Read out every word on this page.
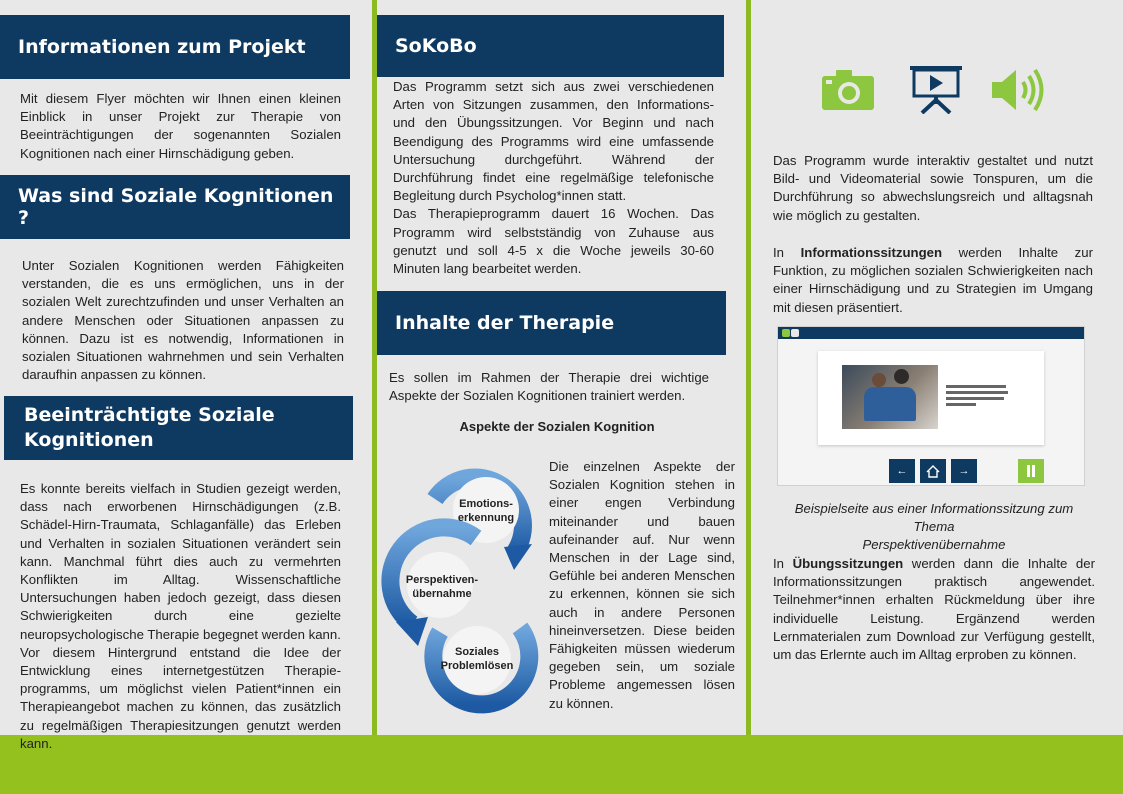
Informationen zum Projekt
Mit diesem Flyer möchten wir Ihnen einen kleinen Einblick in unser Projekt zur Therapie von Beeinträchtigungen der sogenannten Sozialen Kognitionen nach einer Hirnschädigung geben.
Was sind Soziale Kognitionen ?
Unter Sozialen Kognitionen werden Fähigkeiten verstanden, die es uns ermöglichen, uns in der sozialen Welt zurechtzufinden und unser Verhalten an andere Menschen oder Situationen anpassen zu können. Dazu ist es notwendig, Informationen in sozialen Situationen wahrnehmen und sein Verhalten daraufhin anpassen zu können.
Beeinträchtigte Soziale
Kognitionen

Es konnte bereits vielfach in Studien gezeigt werden, dass nach erworbenen Hirnschädigungen (z.B. Schädel-Hirn-Traumata, Schlaganfälle) das Erleben und Verhalten in sozialen Situationen verändert sein kann. Manchmal führt dies auch zu vermehrten Konflikten im Alltag. Wissenschaftliche Untersuchungen haben jedoch gezeigt, dass diesen Schwierigkeiten durch eine gezielte neuropsychologische Therapie begegnet werden kann.

Vor diesem Hintergrund entstand die Idee der Entwicklung eines internetgestützen Therapie-programms, um möglichst vielen Patient*innen ein Therapieangebot machen zu können, das zusätzlich zu regelmäßigen Therapiesitzungen genutzt werden kann.

SoKoBo

Das Programm setzt sich aus zwei verschiedenen Arten von Sitzungen zusammen, den Informations- und den Übungssitzungen. Vor Beginn und nach Beendigung des Programms wird eine umfassende Untersuchung durchgeführt. Während der Durchführung findet eine regelmäßige telefonische Begleitung durch Psycholog*innen statt.

Das Therapieprogramm dauert 16 Wochen. Das Programm wird selbstständig von Zuhause aus genutzt und soll 4-5 x die Woche jeweils 30-60 Minuten lang bearbeitet werden.

Inhalte der Therapie
Es sollen im Rahmen der Therapie drei wichtige Aspekte der Sozialen Kognitionen trainiert werden.
Aspekte der Sozialen Kognition
Emotions-
erkennung
Perspektiven-
übernahme
Soziales
Problemlösen
Die einzelnen Aspekte der Sozialen Kognition stehen in einer engen Verbindung miteinander und bauen aufeinander auf. Nur wenn Menschen in der Lage sind, Gefühle bei anderen Menschen zu erkennen, können sie sich auch in andere Personen hineinversetzen. Diese beiden Fähigkeiten müssen wiederum gegeben sein, um soziale Probleme angemessen lösen zu können.
Das Programm wurde interaktiv gestaltet und nutzt Bild- und Videomaterial sowie Tonspuren, um die Durchführung so abwechslungsreich und alltagsnah wie möglich zu gestalten.
In Informationssitzungen werden Inhalte zur Funktion, zu möglichen sozialen Schwierigkeiten nach einer Hirnschädigung und zu Strategien im Umgang mit diesen präsentiert.
←	→
Beispielseite aus einer Informationssitzung zum Thema
Perspektivenübernahme
In Übungssitzungen werden dann die Inhalte der Informationssitzungen praktisch angewendet. Teilnehmer*innen erhalten Rückmeldung über ihre individuelle Leistung. Ergänzend werden Lernmaterialen zum Download zur Verfügung gestellt, um das Erlernte auch im Alltag erproben zu können.
